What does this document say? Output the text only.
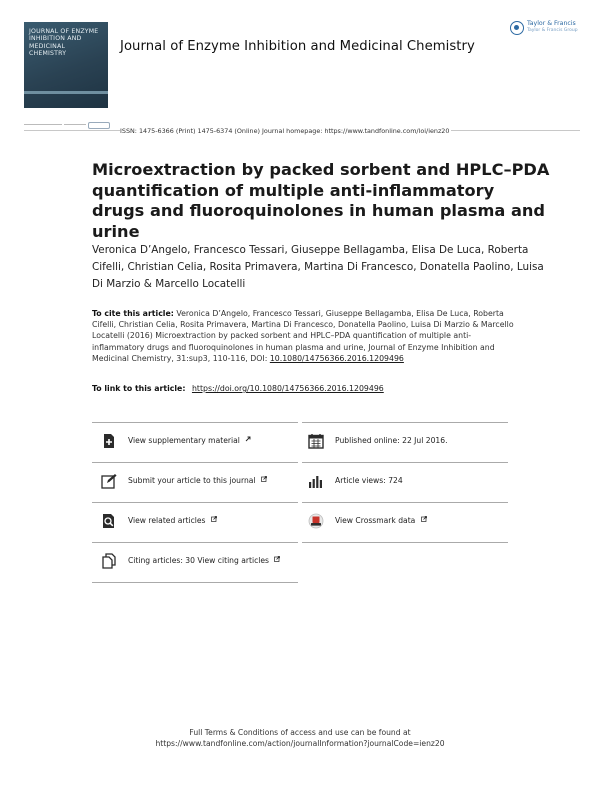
JOURNAL OF ENZYME INHIBITION AND MEDICINAL CHEMISTRY	Journal of Enzyme Inhibition and Medicinal Chemistry
Taylor & Francis
Taylor & Francis Group
ISSN: 1475-6366 (Print) 1475-6374 (Online) Journal homepage: https://www.tandfonline.com/loi/ienz20
Microextraction by packed sorbent and HPLC–PDA quantification of multiple anti-inflammatory drugs and fluoroquinolones in human plasma and urine
Veronica D’Angelo, Francesco Tessari, Giuseppe Bellagamba, Elisa De Luca, Roberta Cifelli, Christian Celia, Rosita Primavera, Martina Di Francesco, Donatella Paolino, Luisa Di Marzio & Marcello Locatelli
To cite this article: Veronica D’Angelo, Francesco Tessari, Giuseppe Bellagamba, Elisa De Luca, Roberta Cifelli, Christian Celia, Rosita Primavera, Martina Di Francesco, Donatella Paolino, Luisa Di Marzio & Marcello Locatelli (2016) Microextraction by packed sorbent and HPLC–PDA quantification of multiple anti-inflammatory drugs and fluoroquinolones in human plasma and urine, Journal of Enzyme Inhibition and Medicinal Chemistry, 31:sup3, 110-116, DOI: 10.1080/14756366.2016.1209496
To link to this article: https://doi.org/10.1080/14756366.2016.1209496
View supplementary material	Published online: 22 Jul 2016.
Submit your article to this journal	Article views: 724
View related articles	View Crossmark data
Citing articles: 30 View citing articles
Full Terms & Conditions of access and use can be found at
https://www.tandfonline.com/action/journalInformation?journalCode=ienz20
